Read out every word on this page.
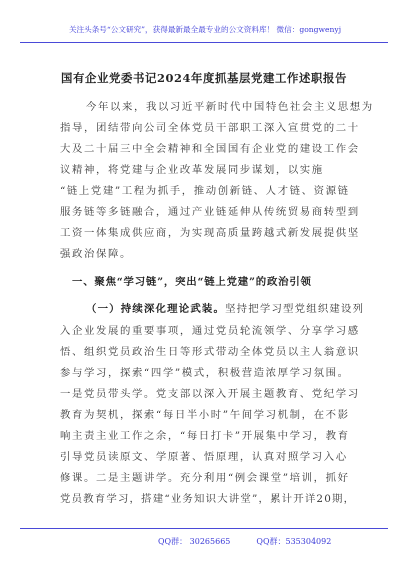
关注头条号“公文研究”，获得最新最全最专业的公文资料库！ 微信：gongwenyj
国有企业党委书记2024年度抓基层党建工作述职报告
今年以来，我以习近平新时代中国特色社会主义思想为
指导，团结带向公司全体党员干部职工深入宣贯党的二十
大及二十届三中全会精神和全国国有企业党的建设工作会
议精神，将党建与企业改革发展同步谋划，以实施
“链上党建”工程为抓手，推动创新链、人才链、资源链
服务链等多链融合，通过产业链延伸从传统贸易商转型到
工资一体集成供应商，为实现高质量跨越式新发展提供坚
强政治保障。
一、聚焦“学习链”，突出“链上党建”的政治引领
（一）持续深化理论武装。坚持把学习型党组织建设列
入企业发展的重要事项，通过党员轮流领学、分享学习感
悟、组织党员政治生日等形式带动全体党员以主人翁意识
参与学习，探索“四学”模式，积极营造浓厚学习氛围。
一是党员带头学。党支部以深入开展主题教育、党纪学习
教育为契机，探索“每日半小时”午间学习机制，在不影
响主责主业工作之余，“每日打卡”开展集中学习，教育
引导党员读原文、学原著、悟原理，认真对照学习入心
修课。二是主题讲学。充分利用“例会课堂”培训，抓好
党员教育学习，搭建“业务知识大讲堂”，累计开详20期，
QQ群： 30265665	QQ群：535304092
